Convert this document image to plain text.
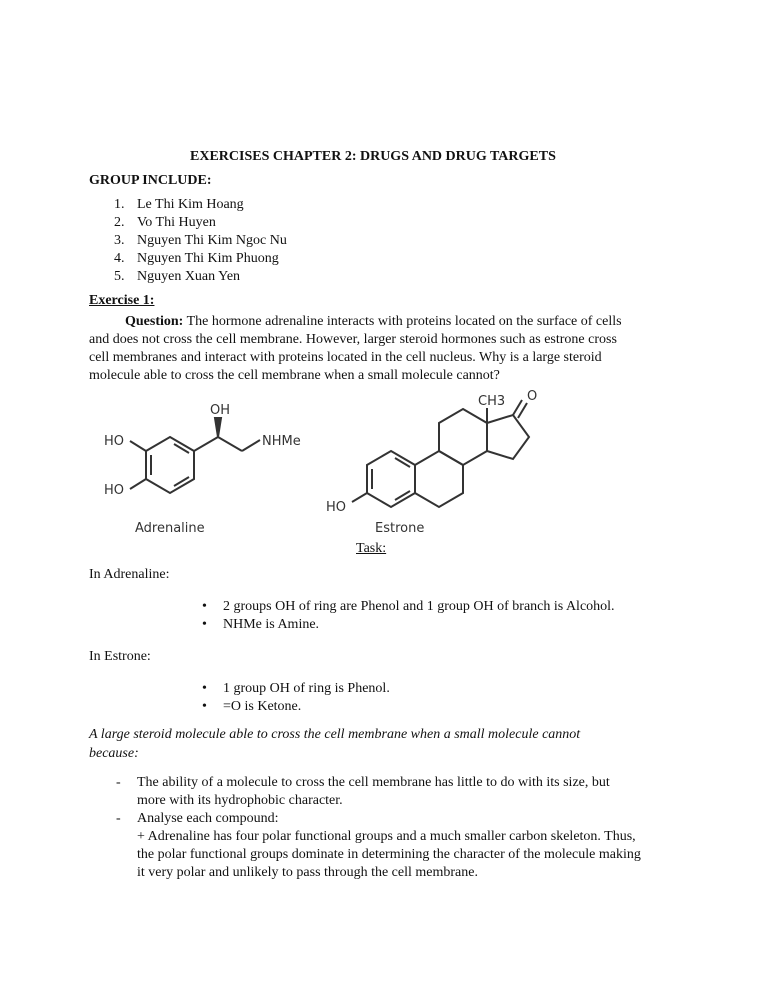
EXERCISES CHAPTER 2: DRUGS AND DRUG TARGETS
GROUP INCLUDE:
1. Le Thi Kim Hoang
2. Vo Thi Huyen
3. Nguyen Thi Kim Ngoc Nu
4. Nguyen Thi Kim Phuong
5. Nguyen Xuan Yen
Exercise 1:
Question: The hormone adrenaline interacts with proteins located on the surface of cells
and does not cross the cell membrane. However, larger steroid hormones such as estrone cross
cell membranes and interact with proteins located in the cell nucleus. Why is a large steroid
molecule able to cross the cell membrane when a small molecule cannot?
HO
HO
OH
NHMe
Adrenaline
HO
CH3 O
Estrone
Task:
In Adrenaline:
• 2 groups OH of ring are Phenol and 1 group OH of branch is Alcohol.
• NHMe is Amine.
In Estrone:
• 1 group OH of ring is Phenol.
• =O is Ketone.
A large steroid molecule able to cross the cell membrane when a small molecule cannot
because:
- The ability of a molecule to cross the cell membrane has little to do with its size, but
more with its hydrophobic character.
- Analyse each compound:
+ Adrenaline has four polar functional groups and a much smaller carbon skeleton. Thus,
the polar functional groups dominate in determining the character of the molecule making
it very polar and unlikely to pass through the cell membrane.
